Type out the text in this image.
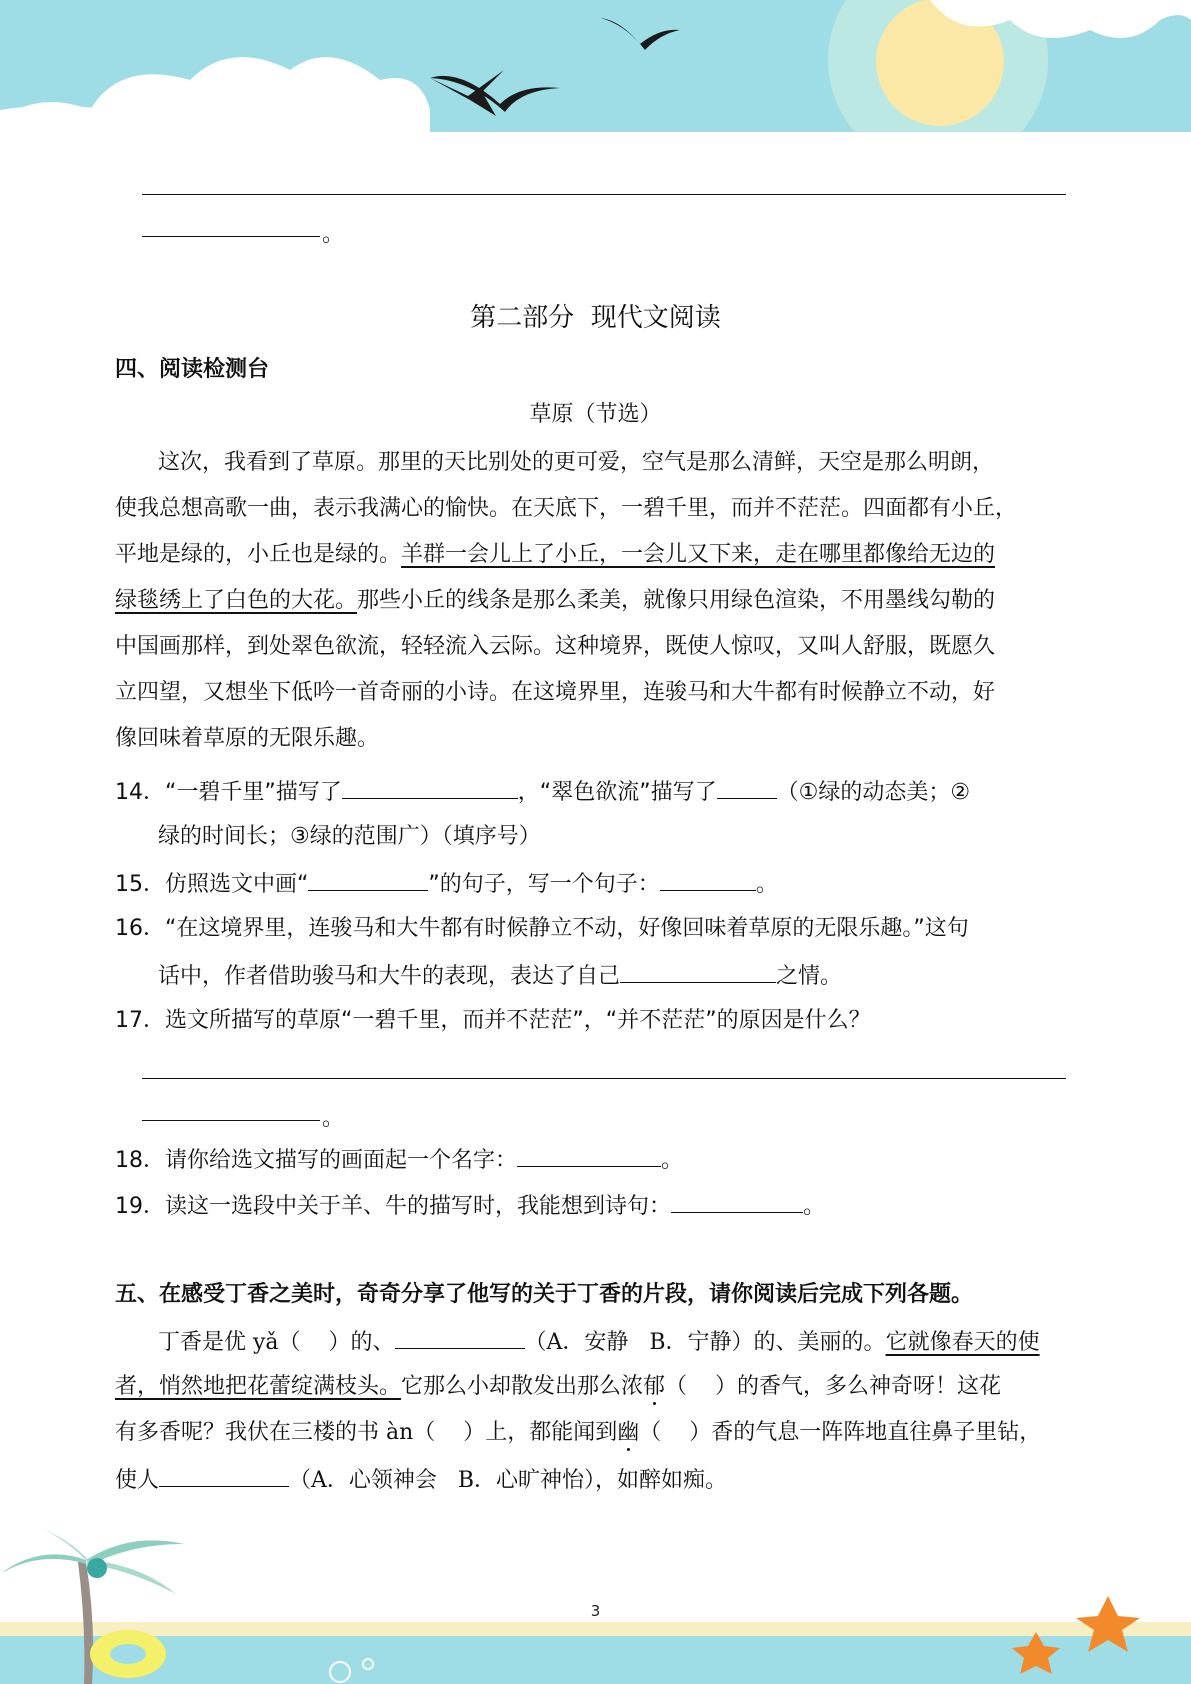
。
第二部分  现代文阅读
四、阅读检测台
草原（节选）
这次，我看到了草原。那里的天比别处的更可爱，空气是那么清鲜，天空是那么明朗，
使我总想高歌一曲，表示我满心的愉快。在天底下，一碧千里，而并不茫茫。四面都有小丘，
平地是绿的，小丘也是绿的。羊群一会儿上了小丘，一会儿又下来，走在哪里都像给无边的
绿毯绣上了白色的大花。那些小丘的线条是那么柔美，就像只用绿色渲染，不用墨线勾勒的
中国画那样，到处翠色欲流，轻轻流入云际。这种境界，既使人惊叹，又叫人舒服，既愿久
立四望，又想坐下低吟一首奇丽的小诗。在这境界里，连骏马和大牛都有时候静立不动，好
像回味着草原的无限乐趣。
14．“一碧千里”描写了	，“翠色欲流”描写了	（①绿的动态美；②
绿的时间长；③绿的范围广）（填序号）
15．仿照选文中画“	”的句子，写一个句子：	。
16．“在这境界里，连骏马和大牛都有时候静立不动，好像回味着草原的无限乐趣。”这句
话中，作者借助骏马和大牛的表现，表达了自己	之情。
17．选文所描写的草原“一碧千里，而并不茫茫”，“并不茫茫”的原因是什么？
。
18．请你给选文描写的画面起一个名字：	。
19．读这一选段中关于羊、牛的描写时，我能想到诗句：	。
五、在感受丁香之美时，奇奇分享了他写的关于丁香的片段，请你阅读后完成下列各题。
丁香是优 yǎ（    ）的、	（A．安静   B．宁静）的、美丽的。它就像春天的使
者，悄然地把花蕾绽满枝头。它那么小却散发出那么浓郁（    ）的香气，多么神奇呀！这花
有多香呢？我伏在三楼的书 àn（    ）上，都能闻到幽（    ）香的气息一阵阵地直往鼻子里钻，
使人	（A．心领神会   B．心旷神怡），如醉如痴。
3
